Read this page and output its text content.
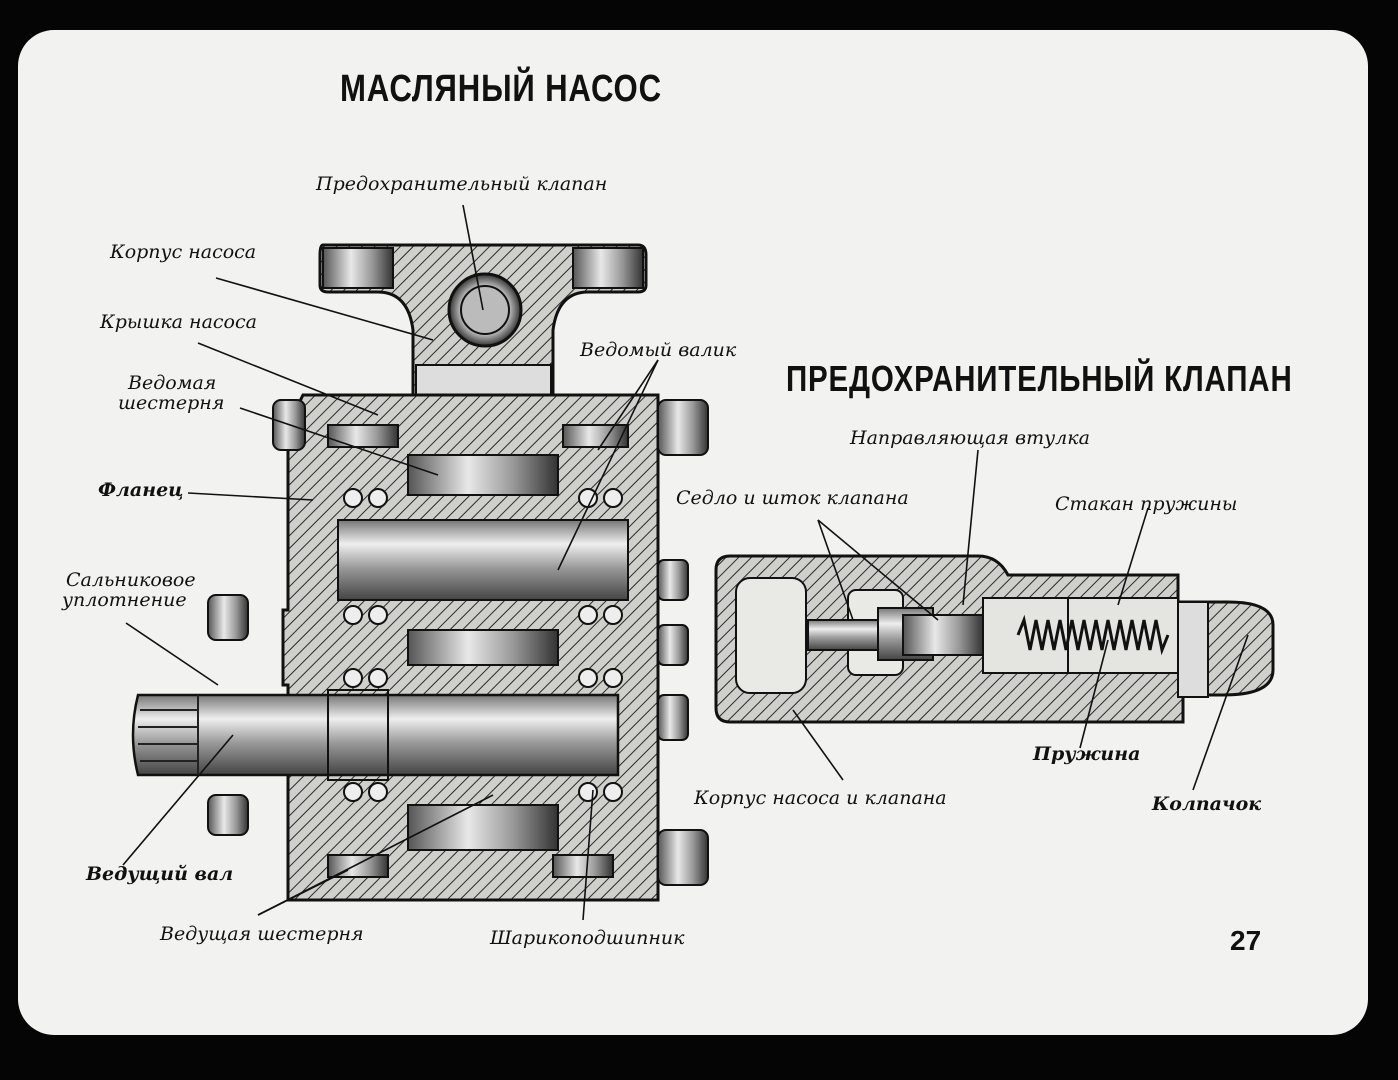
МАСЛЯНЫЙ НАСОС
ПРЕДОХРАНИТЕЛЬНЫЙ КЛАПАН
Предохранительный клапан
Корпус насоса
Крышка насоса
Ведомая
шестерня
Фланец
Сальниковое
уплотнение
Ведомый валик
Ведущий вал
Ведущая шестерня	Шарикоподшипник
Направляющая втулка
Седло и шток клапана	Стакан пружины
Пружина
Корпус насоса и клапана	Колпачок
27
